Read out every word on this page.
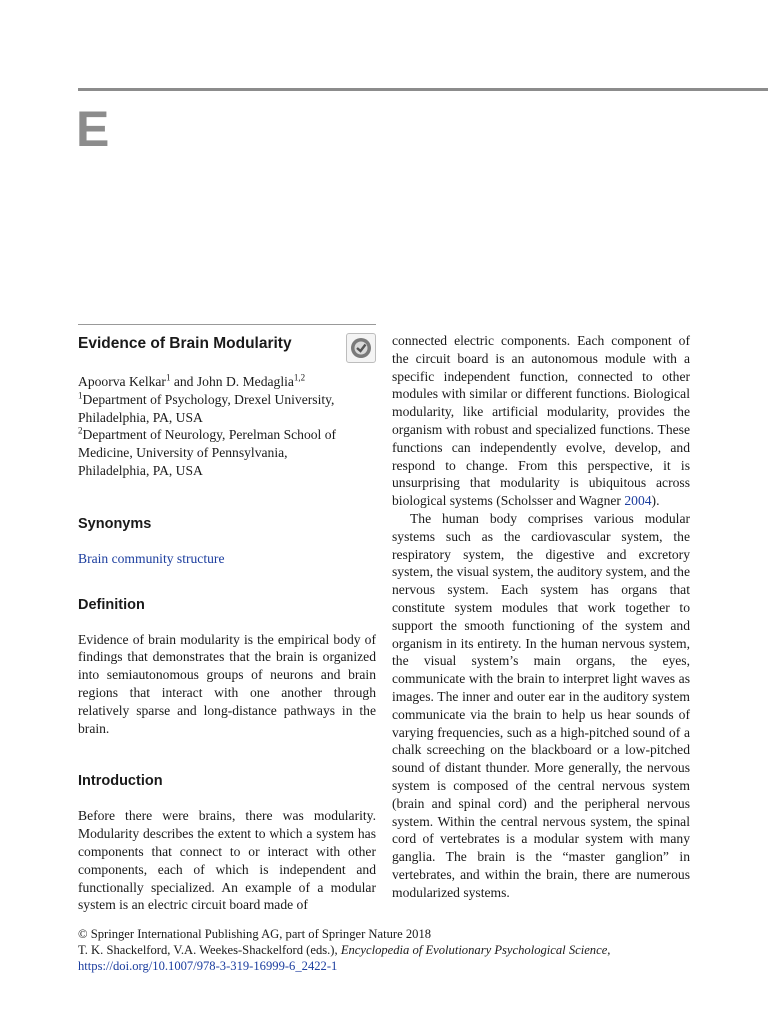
E
Evidence of Brain Modularity
Apoorva Kelkar$^1$ and John D. Medaglia$^{1,2}$
$^1$Department of Psychology, Drexel University,
Philadelphia, PA, USA
$^2$Department of Neurology, Perelman School of
Medicine, University of Pennsylvania,
Philadelphia, PA, USA
Synonyms

Brain community structure

Definition

Evidence of brain modularity is the empirical body of findings that demonstrates that the brain is organized into semiautonomous groups of neurons and brain regions that interact with one another through relatively sparse and long-distance pathways in the brain.

Introduction

Before there were brains, there was modularity. Modularity describes the extent to which a system has components that connect to or interact with other components, each of which is independent and functionally specialized. An example of a modular system is an electric circuit board made of

connected electric components. Each component of the circuit board is an autonomous module with a specific independent function, connected to other modules with similar or different functions. Biological modularity, like artificial modularity, provides the organism with robust and specialized functions. These functions can independently evolve, develop, and respond to change. From this perspective, it is unsurprising that modularity is ubiquitous across biological systems (Scholsser and Wagner 2004).

The human body comprises various modular systems such as the cardiovascular system, the respiratory system, the digestive and excretory system, the visual system, the auditory system, and the nervous system. Each system has organs that constitute system modules that work together to support the smooth functioning of the system and organism in its entirety. In the human nervous system, the visual system’s main organs, the eyes, communicate with the brain to interpret light waves as images. The inner and outer ear in the auditory system communicate via the brain to help us hear sounds of varying frequencies, such as a high-pitched sound of a chalk screeching on the blackboard or a low-pitched sound of distant thunder. More generally, the nervous system is composed of the central nervous system (brain and spinal cord) and the peripheral nervous system. Within the central nervous system, the spinal cord of vertebrates is a modular system with many ganglia. The brain is the “master ganglion” in vertebrates, and within the brain, there are numerous modularized systems.

© Springer International Publishing AG, part of Springer Nature 2018
T. K. Shackelford, V.A. Weekes-Shackelford (eds.), Encyclopedia of Evolutionary Psychological Science,
https://doi.org/10.1007/978-3-319-16999-6_2422-1
